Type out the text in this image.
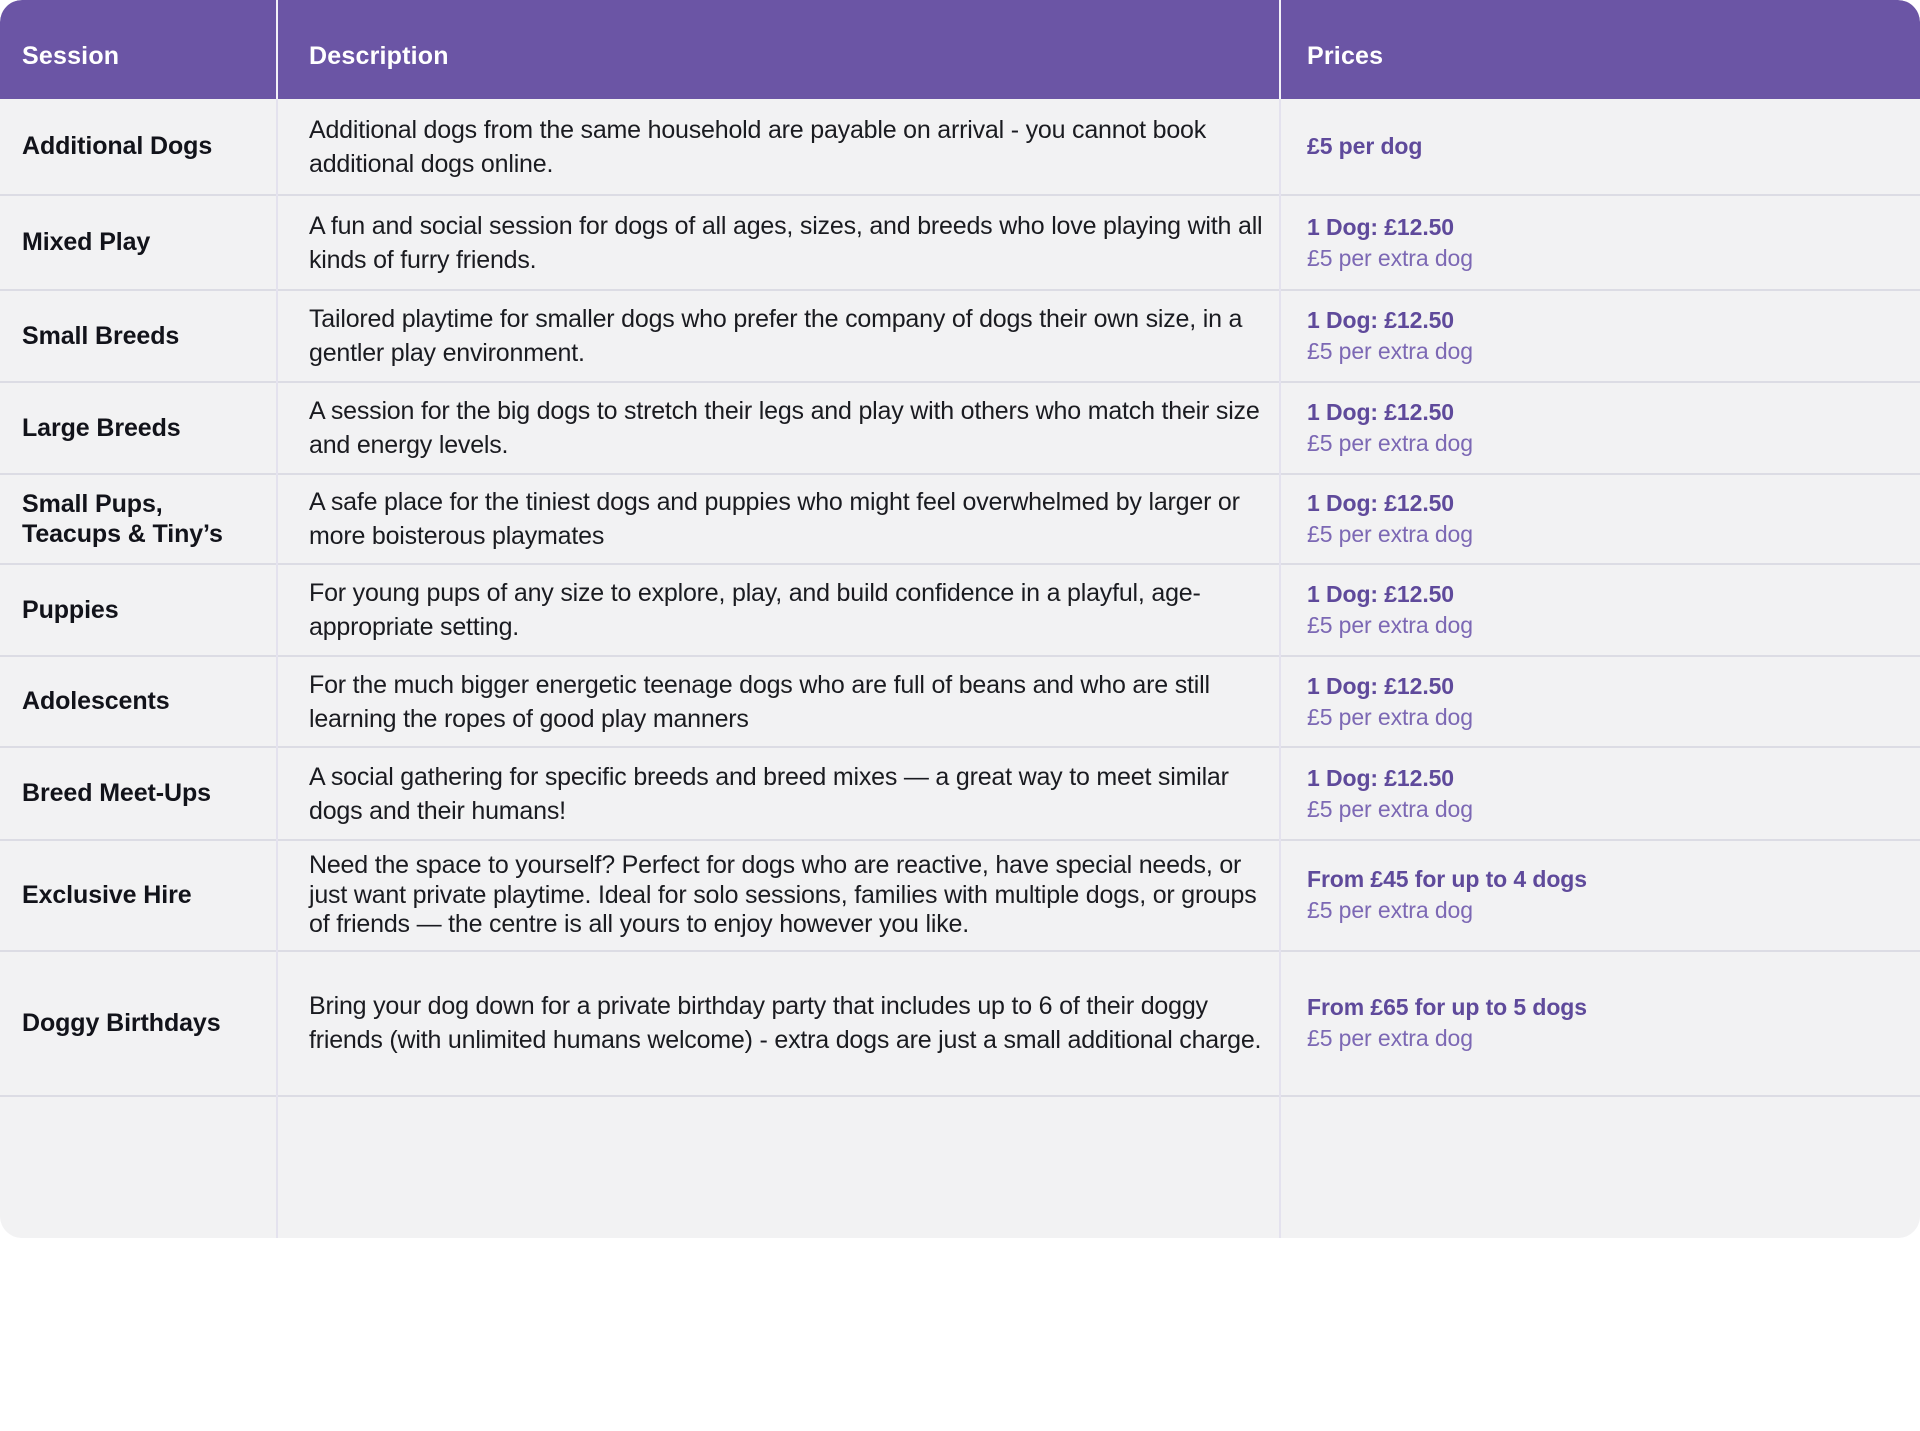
Session	Description	Prices

Additional Dogs	Additional dogs from the same household are payable on arrival - you cannot book additional dogs online.	£5 per dog

Mixed Play	A fun and social session for dogs of all ages, sizes, and breeds who love playing with all kinds of furry friends.	1 Dog: £12.50
£5 per extra dog

Small Breeds	Tailored playtime for smaller dogs who prefer the company of dogs their own size, in a gentler play environment.	1 Dog: £12.50
£5 per extra dog

Large Breeds	A session for the big dogs to stretch their legs and play with others who match their size and energy levels.	1 Dog: £12.50
£5 per extra dog

Small Pups, Teacups & Tiny’s	A safe place for the tiniest dogs and puppies who might feel overwhelmed by larger or more boisterous playmates	1 Dog: £12.50
£5 per extra dog

Puppies	For young pups of any size to explore, play, and build confidence in a playful, age-appropriate setting.	1 Dog: £12.50
£5 per extra dog

Adolescents	For the much bigger energetic teenage dogs who are full of beans and who are still learning the ropes of good play manners	1 Dog: £12.50
£5 per extra dog

Breed Meet-Ups	A social gathering for specific breeds and breed mixes — a great way to meet similar dogs and their humans!	1 Dog: £12.50
£5 per extra dog

Exclusive Hire	Need the space to yourself? Perfect for dogs who are reactive, have special needs, or just want private playtime. Ideal for solo sessions, families with multiple dogs, or groups of friends — the centre is all yours to enjoy however you like.	From £45 for up to 4 dogs
£5 per extra dog

Doggy Birthdays	Bring your dog down for a private birthday party that includes up to 6 of their doggy friends (with unlimited humans welcome) - extra dogs are just a small additional charge.	From £65 for up to 5 dogs
£5 per extra dog
